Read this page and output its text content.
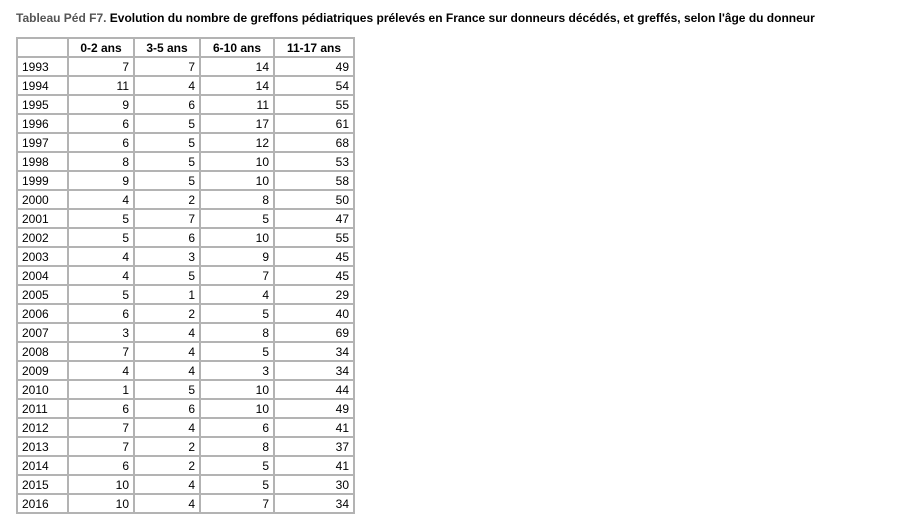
Tableau Péd F7. Evolution du nombre de greffons pédiatriques prélevés en France sur donneurs décédés, et greffés, selon l'âge du donneur
	0-2 ans	3-5 ans	6-10 ans	11-17 ans
1993	7	7	14	49
1994	11	4	14	54
1995	9	6	11	55
1996	6	5	17	61
1997	6	5	12	68
1998	8	5	10	53
1999	9	5	10	58
2000	4	2	8	50
2001	5	7	5	47
2002	5	6	10	55
2003	4	3	9	45
2004	4	5	7	45
2005	5	1	4	29
2006	6	2	5	40
2007	3	4	8	69
2008	7	4	5	34
2009	4	4	3	34
2010	1	5	10	44
2011	6	6	10	49
2012	7	4	6	41
2013	7	2	8	37
2014	6	2	5	41
2015	10	4	5	30
2016	10	4	7	34
